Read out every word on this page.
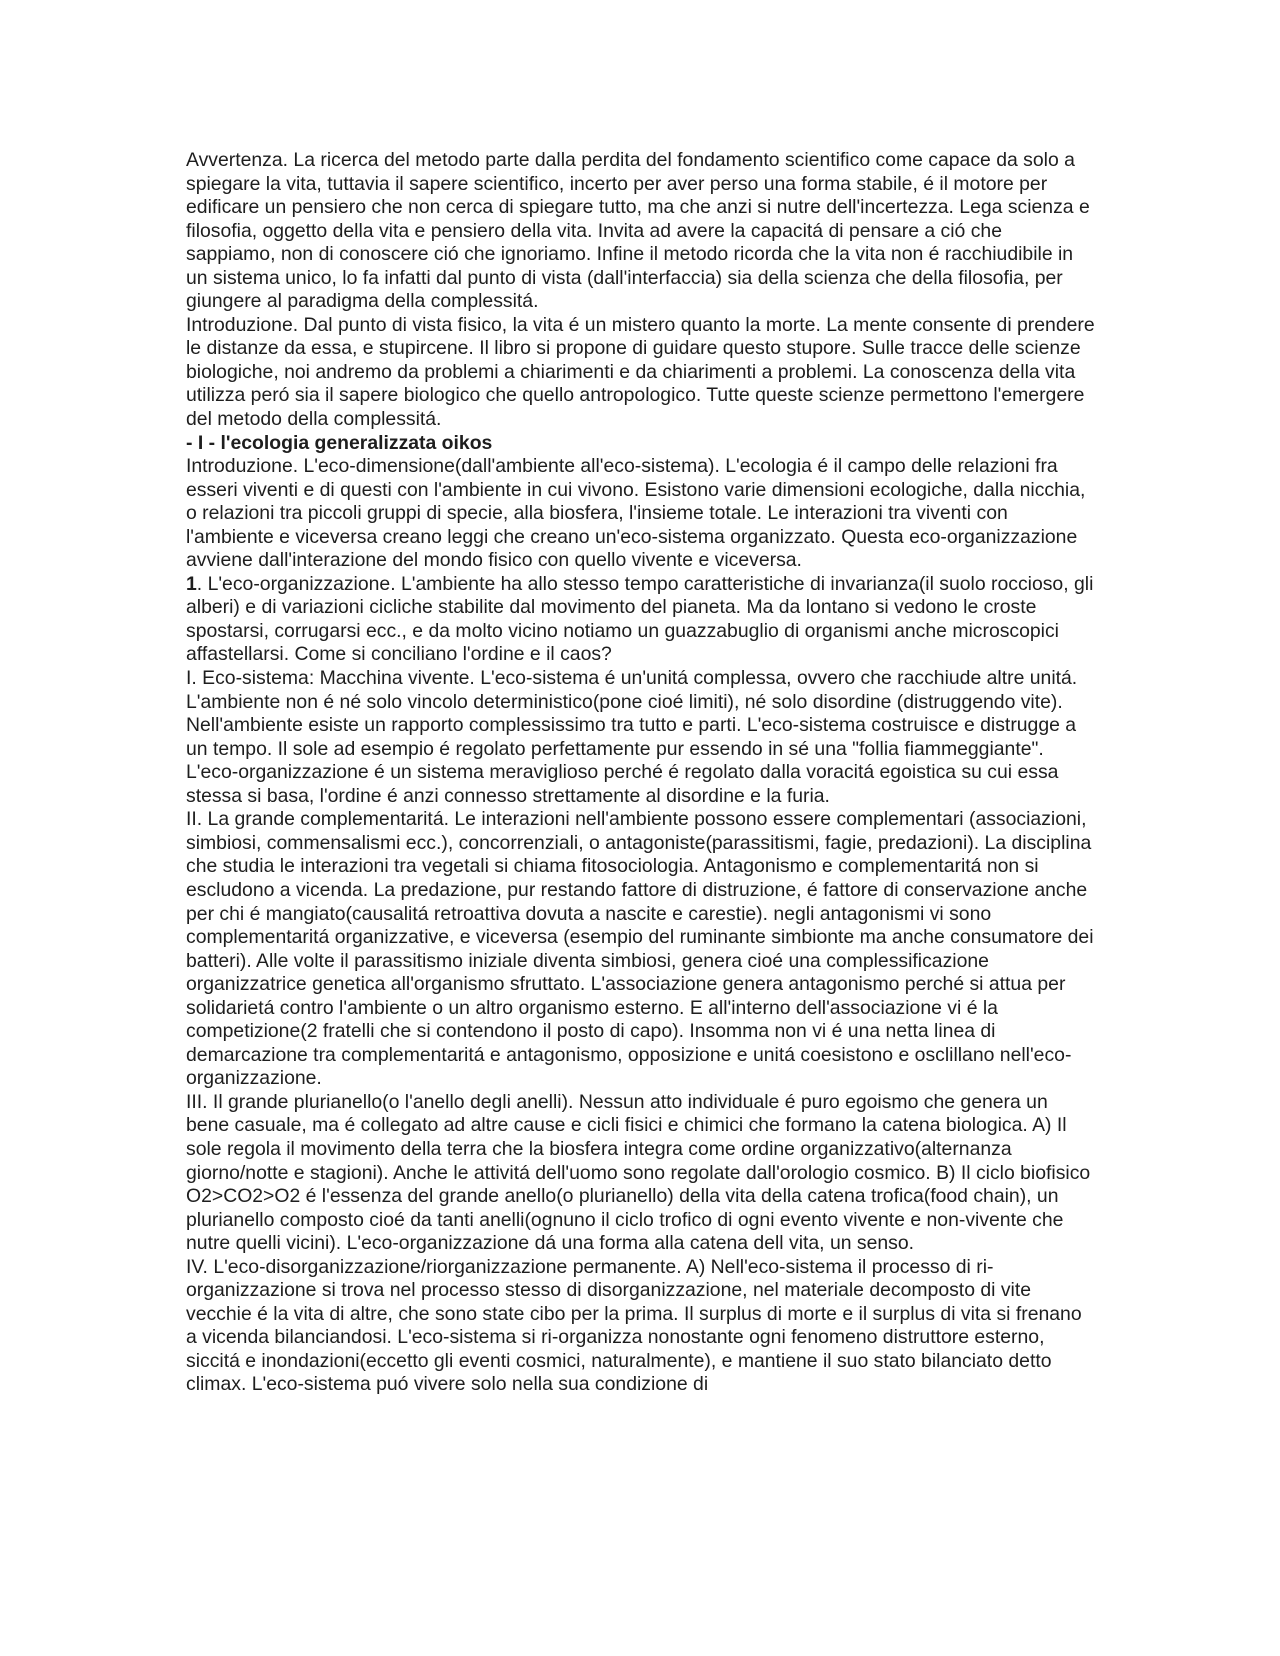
Avvertenza. La ricerca del metodo parte dalla perdita del fondamento scientifico come capace da solo a spiegare la vita, tuttavia il sapere scientifico, incerto per aver perso una forma stabile, é il motore per edificare un pensiero che non cerca di spiegare tutto, ma che anzi si nutre dell'incertezza. Lega scienza e filosofia, oggetto della vita e pensiero della vita. Invita ad avere la capacitá di pensare a ció che sappiamo, non di conoscere ció che ignoriamo. Infine il metodo ricorda che la vita non é racchiudibile in un sistema unico, lo fa infatti dal punto di vista (dall'interfaccia) sia della scienza che della filosofia, per giungere al paradigma della complessitá.

Introduzione. Dal punto di vista fisico, la vita é un mistero quanto la morte. La mente consente di prendere le distanze da essa, e stupircene. Il libro si propone di guidare questo stupore. Sulle tracce delle scienze biologiche, noi andremo da problemi a chiarimenti e da chiarimenti a problemi. La conoscenza della vita utilizza peró sia il sapere biologico che quello antropologico. Tutte queste scienze permettono l'emergere del metodo della complessitá.

- I - l'ecologia generalizzata oikos

Introduzione. L'eco-dimensione(dall'ambiente all'eco-sistema). L'ecologia é il campo delle relazioni fra esseri viventi e di questi con l'ambiente in cui vivono. Esistono varie dimensioni ecologiche, dalla nicchia, o relazioni tra piccoli gruppi di specie, alla biosfera, l'insieme totale. Le interazioni tra viventi con l'ambiente e viceversa creano leggi che creano un'eco-sistema organizzato. Questa eco-organizzazione avviene dall'interazione del mondo fisico con quello vivente e viceversa.

1. L'eco-organizzazione. L'ambiente ha allo stesso tempo caratteristiche di invarianza(il suolo roccioso, gli alberi) e di variazioni cicliche stabilite dal movimento del pianeta. Ma da lontano si vedono le croste spostarsi, corrugarsi ecc., e da molto vicino notiamo un guazzabuglio di organismi anche microscopici affastellarsi. Come si conciliano l'ordine e il caos?

I. Eco-sistema: Macchina vivente. L'eco-sistema é un'unitá complessa, ovvero che racchiude altre unitá. L'ambiente non é né solo vincolo deterministico(pone cioé limiti), né solo disordine (distruggendo vite). Nell'ambiente esiste un rapporto complessissimo tra tutto e parti. L'eco-sistema costruisce e distrugge a un tempo. Il sole ad esempio é regolato perfettamente pur essendo in sé una "follia fiammeggiante". L'eco-organizzazione é un sistema meraviglioso perché é regolato dalla voracitá egoistica su cui essa stessa si basa, l'ordine é anzi connesso strettamente al disordine e la furia.

II. La grande complementaritá. Le interazioni nell'ambiente possono essere complementari (associazioni, simbiosi, commensalismi ecc.), concorrenziali, o antagoniste(parassitismi, fagie, predazioni). La disciplina che studia le interazioni tra vegetali si chiama fitosociologia. Antagonismo e complementaritá non si escludono a vicenda. La predazione, pur restando fattore di distruzione, é fattore di conservazione anche per chi é mangiato(causalitá retroattiva dovuta a nascite e carestie). negli antagonismi vi sono complementaritá organizzative, e viceversa (esempio del ruminante simbionte ma anche consumatore dei batteri). Alle volte il parassitismo iniziale diventa simbiosi, genera cioé una complessificazione organizzatrice genetica all'organismo sfruttato. L'associazione genera antagonismo perché si attua per solidarietá contro l'ambiente o un altro organismo esterno. E all'interno dell'associazione vi é la competizione(2 fratelli che si contendono il posto di capo). Insomma non vi é una netta linea di demarcazione tra complementaritá e antagonismo, opposizione e unitá coesistono e osclillano nell'eco-organizzazione.

III. Il grande plurianello(o l'anello degli anelli). Nessun atto individuale é puro egoismo che genera un bene casuale, ma é collegato ad altre cause e cicli fisici e chimici che formano la catena biologica. A) Il sole regola il movimento della terra che la biosfera integra come ordine organizzativo(alternanza giorno/notte e stagioni). Anche le attivitá dell'uomo sono regolate dall'orologio cosmico. B) Il ciclo biofisico O2>CO2>O2 é l'essenza del grande anello(o plurianello) della vita della catena trofica(food chain), un plurianello composto cioé da tanti anelli(ognuno il ciclo trofico di ogni evento vivente e non-vivente che nutre quelli vicini). L'eco-organizzazione dá una forma alla catena dell vita, un senso.

IV. L'eco-disorganizzazione/riorganizzazione permanente. A) Nell'eco-sistema il processo di ri-organizzazione si trova nel processo stesso di disorganizzazione, nel materiale decomposto di vite vecchie é la vita di altre, che sono state cibo per la prima. Il surplus di morte e il surplus di vita si frenano a vicenda bilanciandosi. L'eco-sistema si ri-organizza nonostante ogni fenomeno distruttore esterno, siccitá e inondazioni(eccetto gli eventi cosmici, naturalmente), e mantiene il suo stato bilanciato detto climax. L'eco-sistema puó vivere solo nella sua condizione di
